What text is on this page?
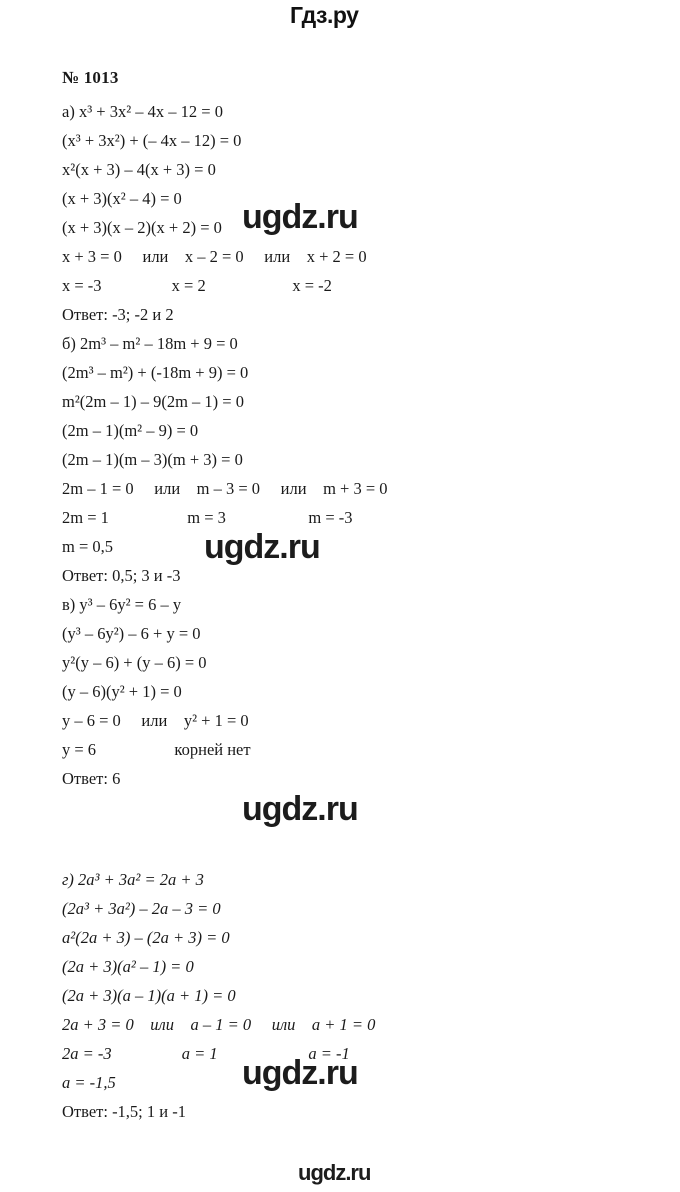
Гдз.ру
№ 1013
а) x³ + 3x² – 4x – 12 = 0
(x³ + 3x²) + (– 4x – 12) = 0
x²(x + 3) – 4(x + 3) = 0
(x + 3)(x² – 4) = 0
(x + 3)(x – 2)(x + 2) = 0
x + 3 = 0     или    x – 2 = 0     или    x + 2 = 0
x = -3                 x = 2                     x = -2
Ответ: -3; -2 и 2
б) 2m³ – m² – 18m + 9 = 0
(2m³ – m²) + (-18m + 9) = 0
m²(2m – 1) – 9(2m – 1) = 0
(2m – 1)(m² – 9) = 0
(2m – 1)(m – 3)(m + 3) = 0
2m – 1 = 0     или    m – 3 = 0     или    m + 3 = 0
2m = 1                   m = 3                    m = -3
m = 0,5
Ответ: 0,5; 3 и -3
в) y³ – 6y² = 6 – y
(y³ – 6y²) – 6 + y = 0
y²(y – 6) + (y – 6) = 0
(y – 6)(y² + 1) = 0
y – 6 = 0     или    y² + 1 = 0
y = 6                   корней нет
Ответ: 6
г) 2a³ + 3a² = 2a + 3
(2a³ + 3a²) – 2a – 3 = 0
a²(2a + 3) – (2a + 3) = 0
(2a + 3)(a² – 1) = 0
(2a + 3)(a – 1)(a + 1) = 0
2a + 3 = 0    или    a – 1 = 0     или    a + 1 = 0
2a = -3                 a = 1                      a = -1
a = -1,5
Ответ: -1,5; 1 и -1
ugdz.ru
ugdz.ru
ugdz.ru
ugdz.ru
ugdz.ru
